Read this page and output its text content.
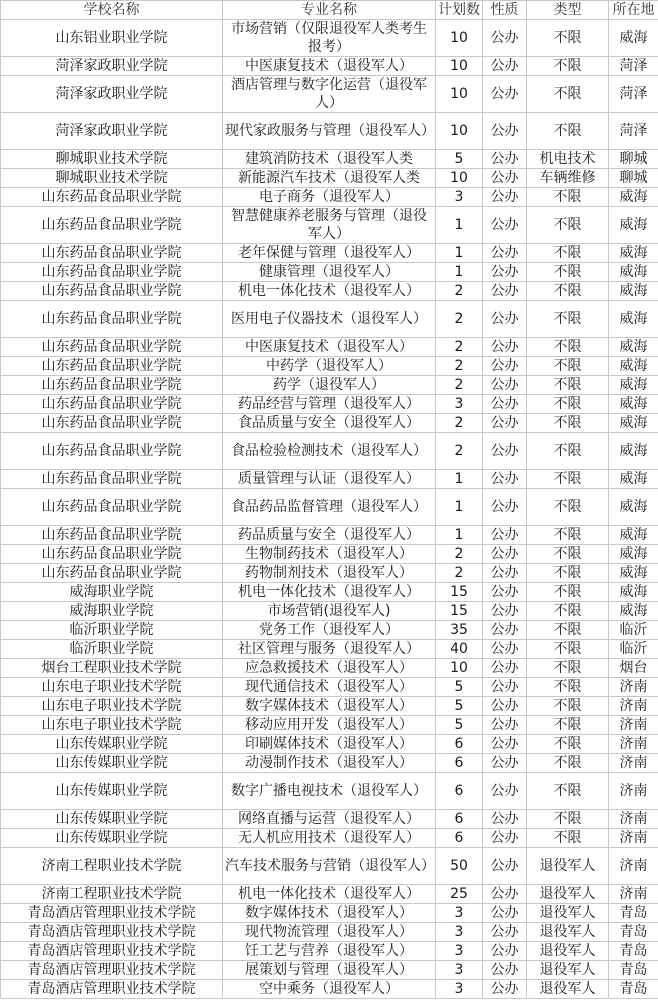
学校名称	专业名称	计划数	性质	类型	所在地
山东铝业职业学院	市场营销（仅限退役军人类考生报考）	10	公办	不限	威海
菏泽家政职业学院	中医康复技术（退役军人）	10	公办	不限	菏泽
菏泽家政职业学院	酒店管理与数字化运营（退役军人）	10	公办	不限	菏泽
菏泽家政职业学院	现代家政服务与管理（退役军人）	10	公办	不限	菏泽
聊城职业技术学院	建筑消防技术（退役军人类	5	公办	机电技术	聊城
聊城职业技术学院	新能源汽车技术（退役军人类	10	公办	车辆维修	聊城
山东药品食品职业学院	电子商务（退役军人）	3	公办	不限	威海
山东药品食品职业学院	智慧健康养老服务与管理（退役军人）	1	公办	不限	威海
山东药品食品职业学院	老年保健与管理（退役军人）	1	公办	不限	威海
山东药品食品职业学院	健康管理（退役军人）	1	公办	不限	威海
山东药品食品职业学院	机电一体化技术（退役军人）	2	公办	不限	威海
山东药品食品职业学院	医用电子仪器技术（退役军人）	2	公办	不限	威海
山东药品食品职业学院	中医康复技术（退役军人）	2	公办	不限	威海
山东药品食品职业学院	中药学（退役军人）	2	公办	不限	威海
山东药品食品职业学院	药学（退役军人）	2	公办	不限	威海
山东药品食品职业学院	药品经营与管理（退役军人）	3	公办	不限	威海
山东药品食品职业学院	食品质量与安全（退役军人）	2	公办	不限	威海
山东药品食品职业学院	食品检验检测技术（退役军人）	2	公办	不限	威海
山东药品食品职业学院	质量管理与认证（退役军人）	1	公办	不限	威海
山东药品食品职业学院	食品药品监督管理（退役军人）	1	公办	不限	威海
山东药品食品职业学院	药品质量与安全（退役军人）	1	公办	不限	威海
山东药品食品职业学院	生物制药技术（退役军人）	2	公办	不限	威海
山东药品食品职业学院	药物制剂技术（退役军人）	2	公办	不限	威海
威海职业学院	机电一体化技术（退役军人）	15	公办	不限	威海
威海职业学院	市场营销(退役军人)	15	公办	不限	威海
临沂职业学院	党务工作（退役军人）	35	公办	不限	临沂
临沂职业学院	社区管理与服务（退役军人）	40	公办	不限	临沂
烟台工程职业技术学院	应急救援技术（退役军人）	10	公办	不限	烟台
山东电子职业技术学院	现代通信技术（退役军人）	5	公办	不限	济南
山东电子职业技术学院	数字媒体技术（退役军人）	5	公办	不限	济南
山东电子职业技术学院	移动应用开发（退役军人）	5	公办	不限	济南
山东传媒职业学院	印刷媒体技术（退役军人）	6	公办	不限	济南
山东传媒职业学院	动漫制作技术（退役军人）	6	公办	不限	济南
山东传媒职业学院	数字广播电视技术（退役军人）	6	公办	不限	济南
山东传媒职业学院	网络直播与运营（退役军人）	6	公办	不限	济南
山东传媒职业学院	无人机应用技术（退役军人）	6	公办	不限	济南
济南工程职业技术学院	汽车技术服务与营销（退役军人）	50	公办	退役军人	济南
济南工程职业技术学院	机电一体化技术（退役军人）	25	公办	退役军人	济南
青岛酒店管理职业技术学院	数字媒体技术（退役军人）	3	公办	退役军人	青岛
青岛酒店管理职业技术学院	现代物流管理（退役军人）	3	公办	退役军人	青岛
青岛酒店管理职业技术学院	饪工艺与营养（退役军人）	3	公办	退役军人	青岛
青岛酒店管理职业技术学院	展策划与管理（退役军人）	3	公办	退役军人	青岛
青岛酒店管理职业技术学院	空中乘务（退役军人）	3	公办	退役军人	青岛
